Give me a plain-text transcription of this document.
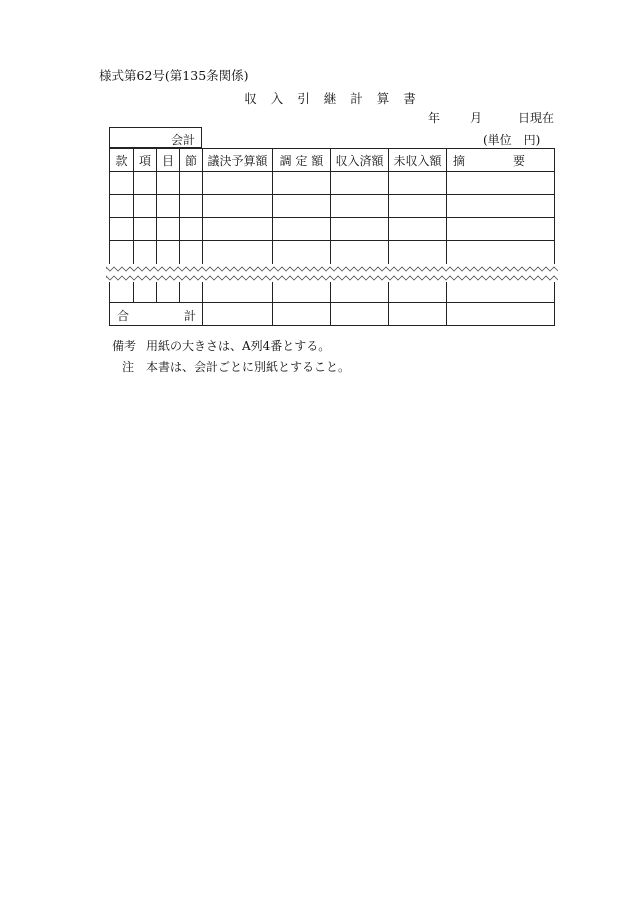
様式第62号(第135条関係)
収入引継計算書
年 月	日現在
会計	(単位　円)
款	項	目	節	議決予算額	調 定 額	収入済額	未収入額	摘　　　　要

合 計								

備考 用紙の大きさは、A列4番とする。
注 本書は、会計ごとに別紙とすること。
